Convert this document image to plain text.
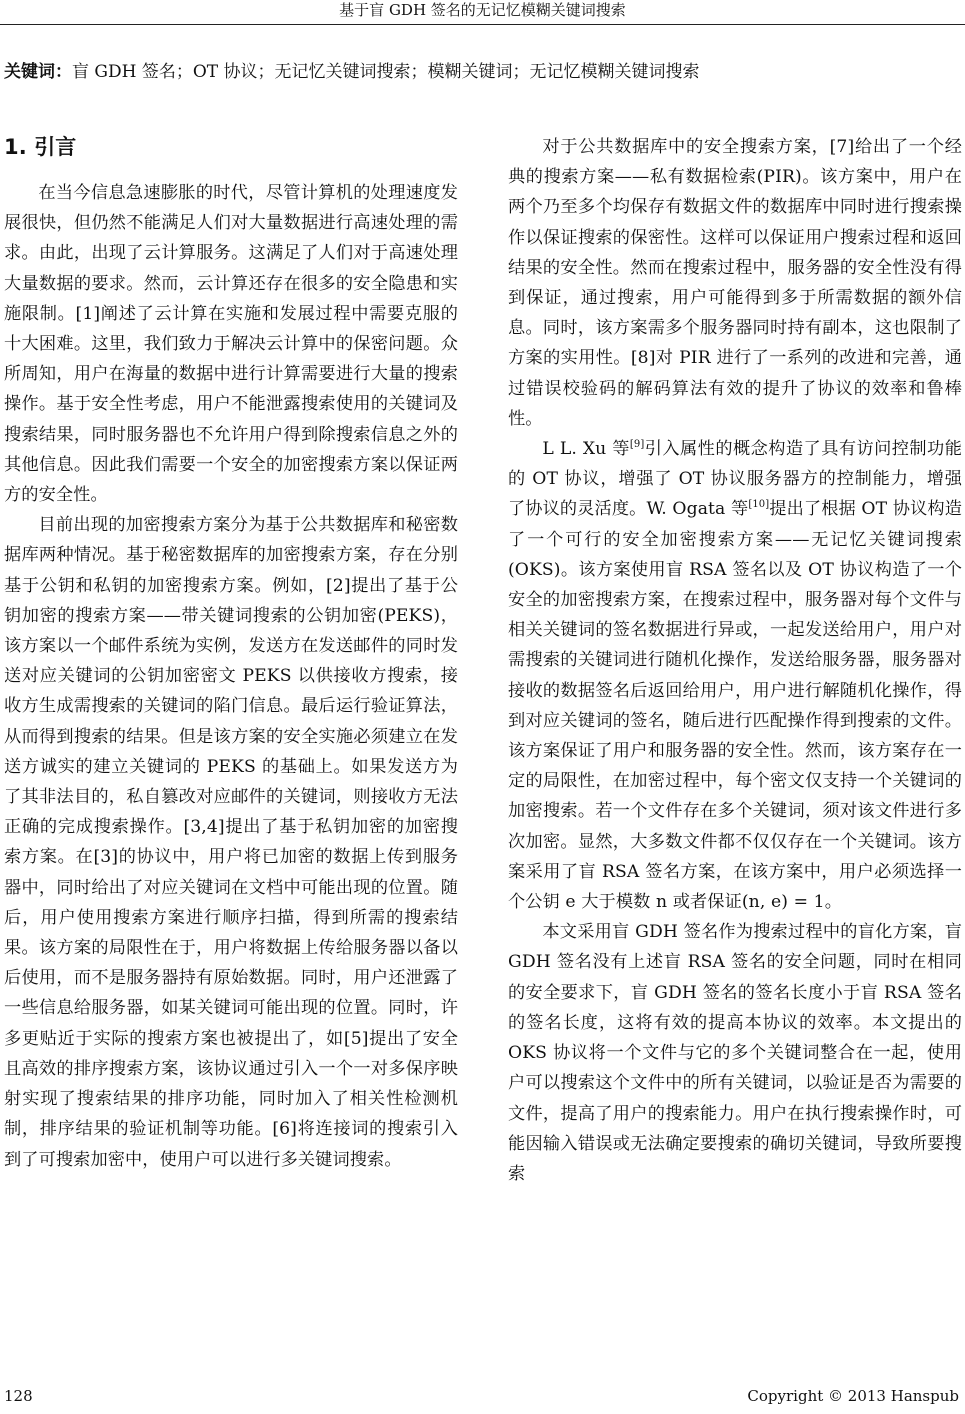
基于盲 GDH 签名的无记忆模糊关键词搜索
关键词：盲 GDH 签名；OT 协议；无记忆关键词搜索；模糊关键词；无记忆模糊关键词搜索
1. 引言

在当今信息急速膨胀的时代，尽管计算机的处理速度发展很快，但仍然不能满足人们对大量数据进行高速处理的需求。由此，出现了云计算服务。这满足了人们对于高速处理大量数据的要求。然而，云计算还存在很多的安全隐患和实施限制。[1]阐述了云计算在实施和发展过程中需要克服的十大困难。这里，我们致力于解决云计算中的保密问题。众所周知，用户在海量的数据中进行计算需要进行大量的搜索操作。基于安全性考虑，用户不能泄露搜索使用的关键词及搜索结果，同时服务器也不允许用户得到除搜索信息之外的其他信息。因此我们需要一个安全的加密搜索方案以保证两方的安全性。

目前出现的加密搜索方案分为基于公共数据库和秘密数据库两种情况。基于秘密数据库的加密搜索方案，存在分别基于公钥和私钥的加密搜索方案。例如，[2]提出了基于公钥加密的搜索方案——带关键词搜索的公钥加密(PEKS)，该方案以一个邮件系统为实例，发送方在发送邮件的同时发送对应关键词的公钥加密密文 PEKS 以供接收方搜索，接收方生成需搜索的关键词的陷门信息。最后运行验证算法，从而得到搜索的结果。但是该方案的安全实施必须建立在发送方诚实的建立关键词的 PEKS 的基础上。如果发送方为了其非法目的，私自篡改对应邮件的关键词，则接收方无法正确的完成搜索操作。[3,4]提出了基于私钥加密的加密搜索方案。在[3]的协议中，用户将已加密的数据上传到服务器中，同时给出了对应关键词在文档中可能出现的位置。随后，用户使用搜索方案进行顺序扫描，得到所需的搜索结果。该方案的局限性在于，用户将数据上传给服务器以备以后使用，而不是服务器持有原始数据。同时，用户还泄露了一些信息给服务器，如某关键词可能出现的位置。同时，许多更贴近于实际的搜索方案也被提出了，如[5]提出了安全且高效的排序搜索方案，该协议通过引入一个一对多保序映射实现了搜索结果的排序功能，同时加入了相关性检测机制，排序结果的验证机制等功能。[6]将连接词的搜索引入到了可搜索加密中，使用户可以进行多关键词搜索。

对于公共数据库中的安全搜索方案，[7]给出了一个经典的搜索方案——私有数据检索(PIR)。该方案中，用户在两个乃至多个均保存有数据文件的数据库中同时进行搜索操作以保证搜索的保密性。这样可以保证用户搜索过程和返回结果的安全性。然而在搜索过程中，服务器的安全性没有得到保证，通过搜索，用户可能得到多于所需数据的额外信息。同时，该方案需多个服务器同时持有副本，这也限制了方案的实用性。[8]对 PIR 进行了一系列的改进和完善，通过错误校验码的解码算法有效的提升了协议的效率和鲁棒性。

L L. Xu 等[9]引入属性的概念构造了具有访问控制功能的 OT 协议，增强了 OT 协议服务器方的控制能力，增强了协议的灵活度。W. Ogata 等[10]提出了根据 OT 协议构造了一个可行的安全加密搜索方案——无记忆关键词搜索(OKS)。该方案使用盲 RSA 签名以及 OT 协议构造了一个安全的加密搜索方案，在搜索过程中，服务器对每个文件与相关关键词的签名数据进行异或，一起发送给用户，用户对需搜索的关键词进行随机化操作，发送给服务器，服务器对接收的数据签名后返回给用户，用户进行解随机化操作，得到对应关键词的签名，随后进行匹配操作得到搜索的文件。该方案保证了用户和服务器的安全性。然而，该方案存在一定的局限性，在加密过程中，每个密文仅支持一个关键词的加密搜索。若一个文件存在多个关键词，须对该文件进行多次加密。显然，大多数文件都不仅仅存在一个关键词。该方案采用了盲 RSA 签名方案，在该方案中，用户必须选择一个公钥 e 大于模数 n 或者保证(n, e) = 1。

本文采用盲 GDH 签名作为搜索过程中的盲化方案，盲 GDH 签名没有上述盲 RSA 签名的安全问题，同时在相同的安全要求下，盲 GDH 签名的签名长度小于盲 RSA 签名的签名长度，这将有效的提高本协议的效率。本文提出的 OKS 协议将一个文件与它的多个关键词整合在一起，使用户可以搜索这个文件中的所有关键词，以验证是否为需要的文件，提高了用户的搜索能力。用户在执行搜索操作时，可能因输入错误或无法确定要搜索的确切关键词，导致所要搜索

128	Copyright © 2013 Hanspub
